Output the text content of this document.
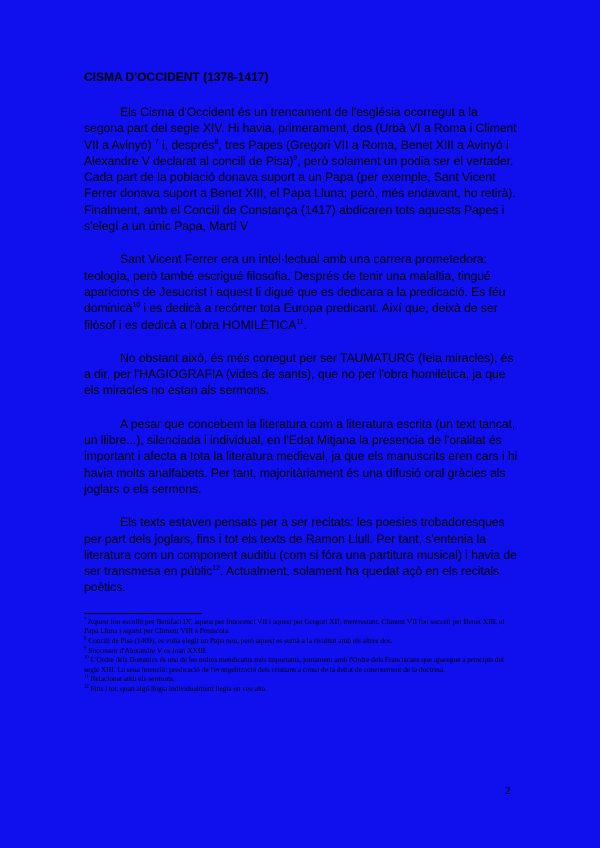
CISMA D'OCCIDENT (1378-1417)

Els Cisma d'Occident és un trencament de l'església ocorregut a la segona part del segle XIV. Hi havia, primerament, dos (Urbà VI a Roma i Climent VII a Avinyó) $^7$ i, després$^8$, tres Papes (Gregori VII a Roma, Benet XIII a Avinyó i Alexandre V declarat al concili de Pisa)$^9$, però solament un podia ser el vertader. Cada part de la població donava suport a un Papa (per exemple, Sant Vicent Ferrer donava suport a Benet XIII, el Papa Lluna; però, més endavant, ho retirà). Finalment, amb el Concili de Constança (1417) abdicaren tots aquests Papes i s'elegí a un únic Papa, Martí V

Sant Vicent Ferrer era un intel·lectual amb una carrera prometedora: teologia, però també escrigué filosofia. Després de tenir una malaltia, tingué aparicions de Jesucrist i aquest li digué que es dedicara a la predicació. Es féu dominicà$^{10}$ i es dedicà a recórrer tota Europa predicant. Així que, deixà de ser filòsof i es dedicà a l'obra HOMILÈTICA$^{11}$.

No obstant això, és més conegut per ser TAUMATURG (feia miracles), és a dir, per l'HAGIOGRAFIA (vides de sants), que no per l'obra homilètica, ja que els miracles no estan als sermons.

A pesar que concebem la literatura com a literatura escrita (un text tancat, un llibre...), silenciada i individual, en l'Edat Mitjana la presencia de l'oralitat és important i afecta a tota la literatura medieval, ja que els manuscrits eren cars i hi havia molts analfabets. Per tant, majoritàriament és una difusió oral gràcies als joglars o els sermons.

Els texts estaven pensats per a ser recitats: les poesies trobadoresques per part dels joglars, fins i tot els texts de Ramon Llull. Per tant, s'entenia la literatura com un component auditiu (com si fóra una partitura musical) i havia de ser transmesa en públic$^{12}$. Actualment, solament ha quedat açò en els recitals poètics.

$^7$ Aquest fou escollit per Benifaci IX, aquest per Innocenci VII i aquest per Gregori XII; mentrestant, Climent VII fou succeït per Benet XIII, el Papa Lluna i aquest per Climent VIII a Peníscola.

$^8$ Concili de Pisa (1409), es volia elegir un Papa nou, però aquest es sumà a la rivalitat amb els altres dos.

$^9$ Successor d'Alexandre V es Joan XXIII.

$^{10}$ L'Ordre dels Dominics és una de les ordres mendicants més importants, juntament amb l'Ordre dels Franciscans que aparegué a principis del segle XIII. La seua intenció: predicació de l'evangelització dels cristians a causa de la deïtat de coneixement de la doctrina.

$^{11}$ Relacionat amb els sermons.

$^{12}$ Fins i tot, quan algú llegia individualment llegia en veu alta.

2
